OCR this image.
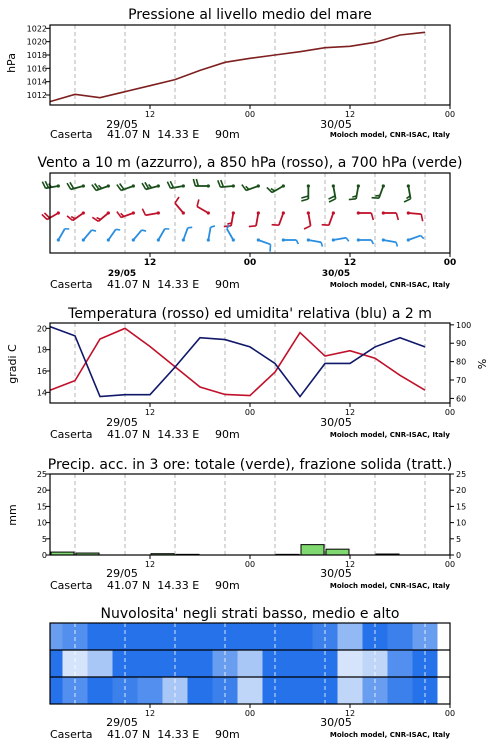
Pressione al livello medio del mare
hPa
1012
1014
1016
1018
1020
1022
12	00	12	00
29/05	30/05
Caserta 41.07 N  14.33 E 90m	Moloch model, CNR-ISAC, Italy
Vento a 10 m (azzurro), a 850 hPa (rosso), a 700 hPa (verde)
12	00	12	00
29/05	30/05
Caserta 41.07 N  14.33 E 90m	Moloch model, CNR-ISAC, Italy
Temperatura (rosso) ed umidita' relativa (blu) a 2 m
gradi C	%
14
16
18
20
60
70
80
90
100
12	00	12	00
29/05	30/05
Caserta 41.07 N  14.33 E 90m	Moloch model, CNR-ISAC, Italy
Precip. acc. in 3 ore: totale (verde), frazione solida (tratt.)
mm
0
5
10
15
20
25
0
5
10
15
20
25
12	00	12	00
29/05	30/05
Caserta 41.07 N  14.33 E 90m	Moloch model, CNR-ISAC, Italy
Nuvolosita' negli strati basso, medio e alto
12	00	12	00
29/05	30/05
Caserta 41.07 N  14.33 E 90m	Moloch model, CNR-ISAC, Italy
